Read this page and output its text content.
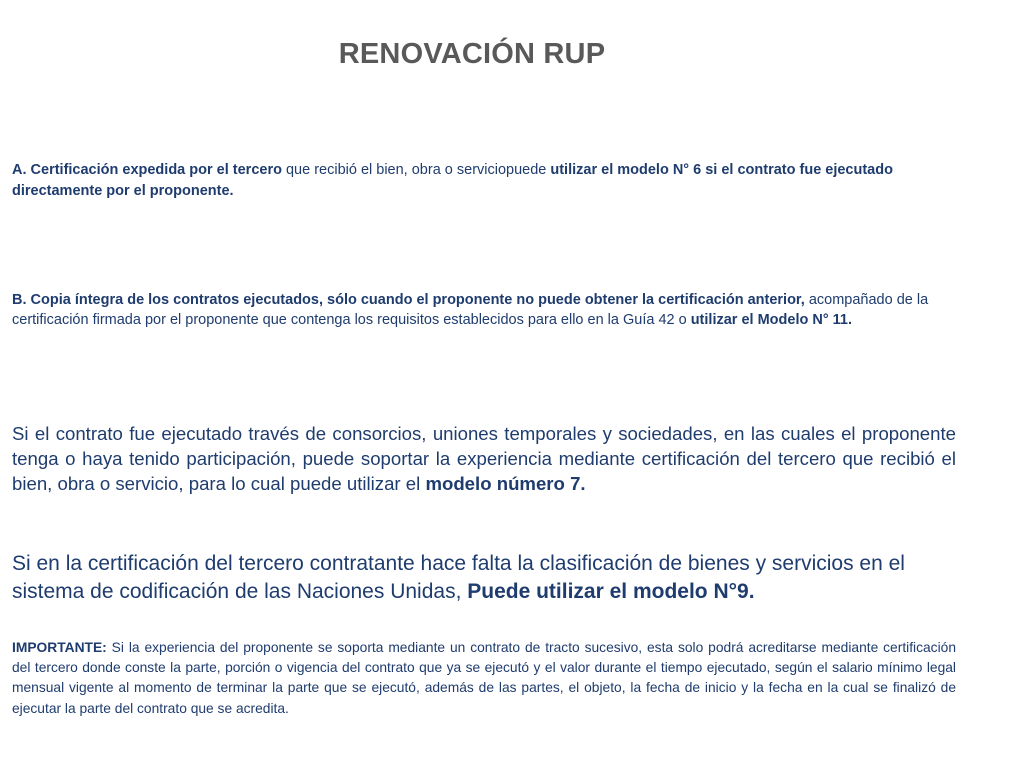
RENOVACIÓN RUP
A. Certificación expedida por el tercero que recibió el bien, obra o serviciopuede utilizar el modelo N° 6 si el contrato fue ejecutado directamente por el proponente.
B. Copia íntegra de los contratos ejecutados, sólo cuando el proponente no puede obtener la certificación anterior, acompañado de la certificación firmada por el proponente que contenga los requisitos establecidos para ello en la Guía 42 o utilizar el Modelo N° 11.
Si el contrato fue ejecutado través de consorcios, uniones temporales y sociedades, en las cuales el proponente tenga o haya tenido participación, puede soportar la experiencia mediante certificación del tercero que recibió el bien, obra o servicio, para lo cual puede utilizar el modelo número 7.
Si en la certificación del tercero contratante hace falta la clasificación de bienes y servicios en el sistema de codificación de las Naciones Unidas, Puede utilizar el modelo N°9.
IMPORTANTE: Si la experiencia del proponente se soporta mediante un contrato de tracto sucesivo, esta solo podrá acreditarse mediante certificación del tercero donde conste la parte, porción o vigencia del contrato que ya se ejecutó y el valor durante el tiempo ejecutado, según el salario mínimo legal mensual vigente al momento de terminar la parte que se ejecutó, además de las partes, el objeto, la fecha de inicio y la fecha en la cual se finalizó de ejecutar la parte del contrato que se acredita.
